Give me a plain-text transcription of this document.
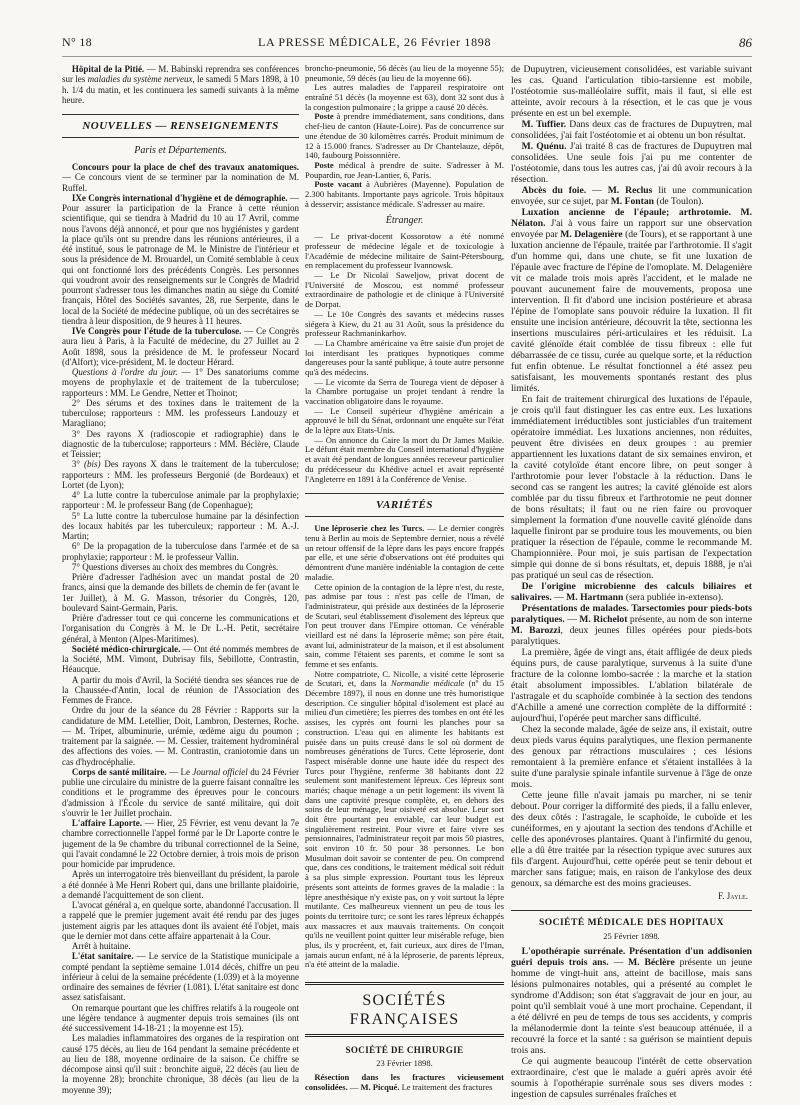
N° 18	LA PRESSE MÉDICALE, 26 Février 1898	86

Hôpital de la Pitié. — M. Babinski reprendra ses conférences sur les maladies du système nerveux, le samedi 5 Mars 1898, à 10 h. 1/4 du matin, et les continuera les samedi suivants à la même heure.

NOUVELLES — RENSEIGNEMENTS
Paris et Départements.

Concours pour la place de chef des travaux anatomiques. — Ce concours vient de se terminer par la nomination de M. Ruffel.

IXe Congrès international d'hygiène et de démographie. — Pour assurer la participation de la France à cette réunion scientifique, qui se tiendra à Madrid du 10 au 17 Avril, comme nous l'avons déjà annoncé, et pour que nos hygiénistes y gardent la place qu'ils ont su prendre dans les réunions antérieures, il a été institué, sous le patronage de M. le Ministre de l'intérieur et sous la présidence de M. Brouardel, un Comité semblable à ceux qui ont fonctionné lors des précédents Congrès. Les personnes qui voudront avoir des renseignements sur le Congrès de Madrid pourront s'adresser tous les dimanches matin au siège du Comité français, Hôtel des Sociétés savantes, 28, rue Serpente, dans le local de la Société de médecine publique, où un des secrétaires se tiendra à leur disposition, de 9 heures à 11 heures.

IVe Congrès pour l'étude de la tuberculose. — Ce Congrès aura lieu à Paris, à la Faculté de médecine, du 27 Juillet au 2 Août 1898, sous la présidence de M. le professeur Nocard (d'Alfort); vice-président, M. le docteur Hérard.

Questions à l'ordre du jour. — 1° Des sanatoriums comme moyens de prophylaxie et de traitement de la tuberculose; rapporteurs : MM. Le Gendre, Netter et Thoinot;

2° Des sérums et des toxines dans le traitement de la tuberculose; rapporteurs : MM. les professeurs Landouzy et Maragliano;

3° Des rayons X (radioscopie et radiographie) dans le diagnostic de la tuberculose; rapporteurs : MM. Béclère, Claude et Teissier;

3° (bis) Des rayons X dans le traitement de la tuberculose; rapporteurs : MM. les professeurs Bergonié (de Bordeaux) et Lortet (de Lyon);

4° La lutte contre la tuberculose animale par la prophylaxie; rapporteur : M. le professeur Bang (de Copenhague);

5° La lutte contre la tuberculose humaine par la désinfection des locaux habités par les tuberculeux; rapporteur : M. A.-J. Martin;

6° De la propagation de la tuberculose dans l'armée et de sa prophylaxie; rapporteur : M. le professeur Vallin.

7° Questions diverses au choix des membres du Congrès.

Prière d'adresser l'adhésion avec un mandat postal de 20 francs, ainsi que la demande des billets de chemin de fer (avant le 1er Juillet), à M. G. Masson, trésorier du Congrès, 120, boulevard Saint-Germain, Paris.

Prière d'adresser tout ce qui concerne les communications et l'organisation du Congrès à M. le Dr L.-H. Petit, secrétaire général, à Menton (Alpes-Maritimes).

Société médico-chirurgicale. — Ont été nommés membres de la Société, MM. Vimont, Dubrisay fils, Sebillotte, Contrastin, Héaucque.

A partir du mois d'Avril, la Société tiendra ses séances rue de la Chaussée-d'Antin, local de réunion de l'Association des Femmes de France.

Ordre du jour de la séance du 28 Février : Rapports sur la candidature de MM. Letellier, Doit, Lambron, Desternes, Roche. — M. Tripet, albuminurie, urémie, œdème aigu du poumon ; traitement par la saignée. — M. Cessier, traitement hydrominéral des affections des voies. — M. Contrastin, craniotomie dans un cas d'hydrocéphalie.

Corps de santé militaire. — Le Journal officiel du 24 Février publie une circulaire du ministre de la guerre faisant connaître les conditions et le programme des épreuves pour le concours d'admission à l'École du service de santé militaire, qui doit s'ouvrir le 1er Juillet prochain.

L'affaire Laporte. — Hier, 25 Février, est venu devant la 7e chambre correctionnelle l'appel formé par le Dr Laporte contre le jugement de la 9e chambre du tribunal correctionnel de la Seine, qui l'avait condamné le 22 Octobre dernier, à trois mois de prison pour homicide par imprudence.

Après un interrogatoire très bienveillant du président, la parole a été donnée à Me Henri Robert qui, dans une brillante plaidoirie, a demandé l'acquittement de son client.

L'avocat général a, en quelque sorte, abandonné l'accusation. Il a rappelé que le premier jugement avait été rendu par des juges justement aigris par les attaques dont ils avaient été l'objet, mais que le dernier mot dans cette affaire appartenait à la Cour.

Arrêt à huitaine.

L'état sanitaire. — Le service de la Statistique municipale a compté pendant la septième semaine 1.014 décès, chiffre un peu inférieur à celui de la semaine précédente (1.039) et à la moyenne ordinaire des semaines de février (1.081). L'état sanitaire est donc assez satisfaisant.

On remarque pourtant que les chiffres relatifs à la rougeole ont une légère tendance à augmenter depuis trois semaines (ils ont été successivement 14-18-21 ; la moyenne est 15).

Les maladies inflammatoires des organes de la respiration ont causé 175 décès, au lieu de 164 pendant la semaine précédente et au lieu de 188, moyenne ordinaire de la saison. Ce chiffre se décompose ainsi qu'il suit : bronchite aiguë, 22 décès (au lieu de la moyenne 28); bronchite chronique, 38 décès (au lieu de la moyenne 39);

broncho-pneumonie, 56 décès (au lieu de la moyenne 55); pneumonie, 59 décès (au lieu de la moyenne 66).

Les autres maladies de l'appareil respiratoire ont entraîné 51 décès (la moyenne est 63), dont 32 sont dus à la congestion pulmonaire ; la grippe a causé 20 décès.

Poste à prendre immédiatement, sans conditions, dans chef-lieu de canton (Haute-Loire). Pas de concurrence sur une étendue de 30 kilomètres carrés. Produit minimum de 12 à 15.000 francs. S'adresser au Dr Chantelauze, dépôt, 140, faubourg Poissonnière.

Poste médical à prendre de suite. S'adresser à M. Poupardin, rue Jean-Lantier, 6, Paris.

Poste vacant à Aubrières (Mayenne). Population de 2.300 habitants. Importante pays agricole. Trois hôpitaux à desservir; assistance médicale. S'adresser au maire.

Étranger.

— Le privat-docent Kossorotow a été nommé professeur de médecine légale et de toxicologie à l'Académie de médecine militaire de Saint-Pétersbourg, en remplacement du professeur Ivannowsk.

— Le Dr Nicolaï Saweljow, privat docent de l'Université de Moscou, est nommé professeur extraordinaire de pathologie et de clinique à l'Université de Dorpat.

— Le 10e Congrès des savants et médecins russes siégera à Kiew, du 21 au 31 Août, sous la présidence du professeur Rachmaninkarhov.

— La Chambre américaine va être saisie d'un projet de loi interdisant les pratiques hypnotiques comme dangereuses pour la santé publique, à toute autre personne qu'à des médecins.

— Le vicomte da Serra de Tourega vient de déposer à la Chambre portugaise un projet tendant à rendre la vaccination obligatoire dans le royaume.

— Le Conseil supérieur d'hygiène américain a approuvé le bill du Sénat, ordonnant une enquête sur l'état de la lèpre aux Etats-Unis.

— On annonce du Caire la mort du Dr James Maikie. Le défunt était membre du Conseil international d'hygiène et avait été pendant de longues années receveur particulier du prédécesseur du Khédive actuel et avait représenté l'Angleterre en 1891 à la Conférence de Venise.

VARIÉTÉS

Une léproserie chez les Turcs. — Le dernier congrès tenu à Berlin au mois de Septembre dernier, nous a révélé un retour offensif de la lèpre dans les pays encore frappés par elle, et une série d'observations ont été produites qui démontrent d'une manière indéniable la contagion de cette maladie.

Cette opinion de la contagion de la lèpre n'est, du reste, pas admise par tous : n'est pas celle de l'Iman, de l'administrateur, qui préside aux destinées de la léproserie de Scutari, seul établissement d'isolement des lépreux que l'on peut trouver dans l'Empire ottoman. Ce vénérable vieillard est né dans la léproserie même; son père était, avant lui, administrateur de la maison, et il est absolument sain, comme l'étaient ses parents, et comme le sont sa femme et ses enfants.

Notre compatriote, C. Nicolle, a visité cette léproserie de Scutari, et, dans la Normandie médicale (nº du 15 Décembre 1897), il nous en donne une très humoristique description. Ce singulier hôpital d'isolement est placé au milieu d'un cimetière; les pierres des tombes en ont été les assises, les cyprès ont fourni les planches pour sa construction. L'eau qui en alimente les habitants est puisée dans un puits creusé dans le sol où dorment de nombreuses générations de Turcs. Cette léproserie, dont l'aspect misérable donne une haute idée du respect des Turcs pour l'hygiène, renferme 38 habitants dont 22 seulement sont manifestement lépreux. Ces lépreux sont mariés; chaque ménage a un petit logement: ils vivent là dans une captivité presque complète, et, en dehors des soins de leur ménage, leur oisiveté est absolue. Leur sort doit être pourtant peu enviable, car leur budget est singulièrement restreint. Pour vivre et faire vivre ses pensionnaires, l'administrateur reçoit par mois 50 piastres, soit environ 10 fr. 50 pour 38 personnes. Le bon Musulman doit savoir se contenter de peu. On comprend que, dans ces conditions, le traitement médical soit réduit à sa plus simple expression. Pourtant tous les lépreux présents sont atteints de formes graves de la maladie : la lèpre anesthésique n'y existe pas, on y voit surtout la lèpre mutilante. Ces malheureux viennent un peu de tous les points du territoire turc; ce sont les rares lépreux échappés aux massacres et aux mauvais traitements. On conçoit qu'ils ne veuillent point quitter leur misérable refuge, bien plus, ils y procréent, et, fait curieux, aux dires de l'Iman, jamais aucun enfant, né à la léproserie, de parents lépreux, n'a été atteint de la maladie.

SOCIÉTÉS FRANÇAISES
SOCIÉTÉ DE CHIRURGIE
23 Février 1898.

Résection dans les fractures vicieusement consolidées. — M. Picqué. Le traitement des fractures

de Dupuytren, vicieusement consolidées, est variable suivant les cas. Quand l'articulation tibio-tarsienne est mobile, l'ostéotomie sus-malléolaire suffit, mais il faut, si elle est atteinte, avoir recours à la résection, et le cas que je vous présente en est un bel exemple.

M. Tuffier. Dans deux cas de fractures de Dupuytren, mal consolidées, j'ai fait l'ostéotomie et ai obtenu un bon résultat.

M. Quénu. J'ai traité 8 cas de fractures de Dupuytren mal consolidées. Une seule fois j'ai pu me contenter de l'ostéotomie, dans tous les autres cas, j'ai dû avoir recours à la résection.

Abcès du foie. — M. Reclus lit une communication envoyée, sur ce sujet, par M. Fontan (de Toulon).

Luxation ancienne de l'épaule; arthrotomie. M. Nélaton. J'ai à vous faire un rapport sur une observation envoyée par M. Delagenière (de Tours), et se rapportant à une luxation ancienne de l'épaule, traitée par l'arthrotomie. Il s'agit d'un homme qui, dans une chute, se fit une luxation de l'épaule avec fracture de l'épine de l'omoplate. M. Delagenière vit ce malade trois mois après l'accident, et le malade ne pouvant aucunement faire de mouvements, proposa une intervention. Il fit d'abord une incision postérieure et abrasa l'épine de l'omoplate sans pouvoir réduire la luxation. Il fit ensuite une incision antérieure, découvrit la tête, sectionna les insertions musculaires péri-articulaires et les réduisit. La cavité glénoïde était comblée de tissu fibreux : elle fut débarrassée de ce tissu, curée au quelque sorte, et la réduction fut enfin obtenue. Le résultat fonctionnel a été assez peu satisfaisant, les mouvements spontanés restant des plus limités.

En fait de traitement chirurgical des luxations de l'épaule, je crois qu'il faut distinguer les cas entre eux. Les luxations immédiatement irréductibles sont justiciables d'un traitement opératoire immédiat. Les luxations anciennes, non réduites, peuvent être divisées en deux groupes : au premier appartiennent les luxations datant de six semaines environ, et la cavité cotyloïde étant encore libre, on peut songer à l'arthrotomie pour lever l'obstacle à la réduction. Dans le second cas se rangent les autres; la cavité glénoïde est alors comblée par du tissu fibreux et l'arthrotomie ne peut donner de bons résultats; il faut ou ne rien faire ou provoquer simplement la formation d'une nouvelle cavité glénoïde dans laquelle finiront par se produire tous les mouvements, ou bien pratiquer la résection de l'épaule, comme le recommande M. Championnière. Pour moi, je suis partisan de l'expectation simple qui donne de si bons résultats, et, depuis 1888, je n'ai pas pratiqué un seul cas de résection.

De l'origine microbienne des calculs biliaires et salivaires. — M. Hartmann (sera publiée in-extenso).

Présentations de malades. Tarsectomies pour pieds-bots paralytiques. — M. Richelot présente, au nom de son interne M. Barozzi, deux jeunes filles opérées pour pieds-bots paralytiques.

La première, âgée de vingt ans, était affligée de deux pieds équins purs, de cause paralytique, survenus à la suite d'une fracture de la colonne lombo-sacrée : la marche et la station était absolument impossibles. L'ablation bilatérale de l'astragale et du scaphoïde combinée à la section des tendons d'Achille a amené une correction complète de la difformité : aujourd'hui, l'opérée peut marcher sans difficulté.

Chez la seconde malade, âgée de seize ans, il existait, outre deux pieds varus équins paralytiques, une flexion permanente des genoux par rétractions musculaires ; ces lésions remontaient à la première enfance et s'étaient installées à la suite d'une paralysie spinale infantile survenue à l'âge de onze mois.

Cette jeune fille n'avait jamais pu marcher, ni se tenir debout. Pour corriger la difformité des pieds, il a fallu enlever, des deux côtés : l'astragale, le scaphoïde, le cuboïde et les cunéiformes, en y ajoutant la section des tendons d'Achille et celle des aponévroses plantaires. Quant à l'infirmité du genou, elle a dû être traitée par la résection typique avec sutures aux fils d'argent. Aujourd'hui, cette opérée peut se tenir debout et marcher sans fatigue; mais, en raison de l'ankylose des deux genoux, sa démarche est des moins gracieuses.

F. Jayle.
SOCIÉTÉ MÉDICALE DES HOPITAUX
25 Février 1898.

L'opothérapie surrénale. Présentation d'un addisonien guéri depuis trois ans. — M. Béclère présente un jeune homme de vingt-huit ans, atteint de bacillose, mais sans lésions pulmonaires notables, qui a présenté au complet le syndrome d'Addison; son état s'aggravait de jour en jour, au point qu'il semblait voué à une mort prochaine. Cependant, il a été délivré en peu de temps de tous ses accidents, y compris la mélanodermie dont la teinte s'est beaucoup atténuée, il a recouvré la force et la santé : sa guérison se maintient depuis trois ans.

Ce qui augmente beaucoup l'intérêt de cette observation extraordinaire, c'est que le malade a guéri après avoir été soumis à l'opothérapie surrénale sous ses divers modes : ingestion de capsules surrénales fraîches et
